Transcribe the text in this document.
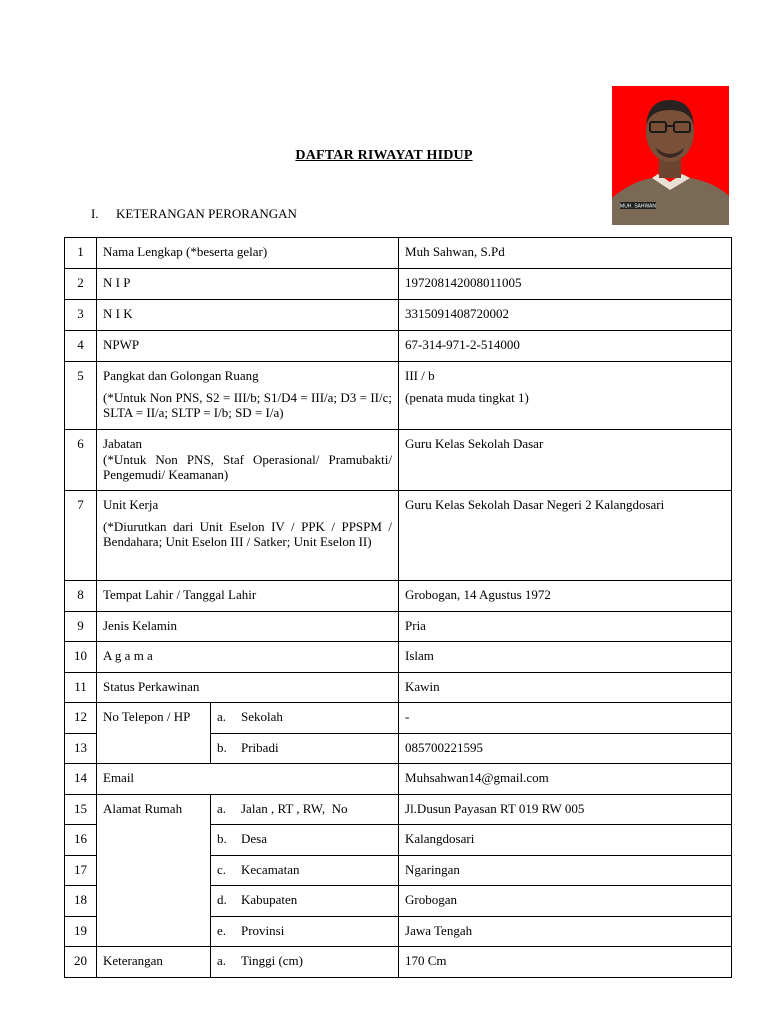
MUH. SAHWAN
DAFTAR RIWAYAT HIDUP
I. KETERANGAN PERORANGAN
1	Nama Lengkap (*beserta gelar)		Muh Sahwan, S.Pd
2	N I P		197208142008011005
3	N I K		3315091408720002
4	NPWP		67-314-971-2-514000
5	Pangkat dan Golongan Ruang
(*Untuk Non PNS, S2 = III/b; S1/D4 = III/a; D3 = II/c; SLTA = II/a; SLTP = I/b; SD = I/a)		III / b
(penata muda tingkat 1)

6	Jabatan
(*Untuk Non PNS, Staf Operasional/ Pramubakti/ Pengemudi/ Keamanan)		Guru Kelas Sekolah Dasar
7	Unit Kerja
(*Diurutkan dari Unit Eselon IV / PPK / PPSPM / Bendahara; Unit Eselon III / Satker; Unit Eselon II)		Guru Kelas Sekolah Dasar Negeri 2 Kalangdosari
8	Tempat Lahir / Tanggal Lahir		Grobogan, 14 Agustus 1972
9	Jenis Kelamin		Pria
10	A g a m a		Islam
11	Status Perkawinan		Kawin
12	No Telepon / HP	a. Sekolah	-
13		b. Pribadi	085700221595
14	Email		Muhsahwan14@gmail.com
15	Alamat Rumah	a. Jalan , RT , RW,  No	Jl.Dusun Payasan RT 019 RW 005
16		b. Desa	Kalangdosari
17		c. Kecamatan	Ngaringan
18		d. Kabupaten	Grobogan
19		e. Provinsi	Jawa Tengah
20	Keterangan	a. Tinggi (cm)	170 Cm
